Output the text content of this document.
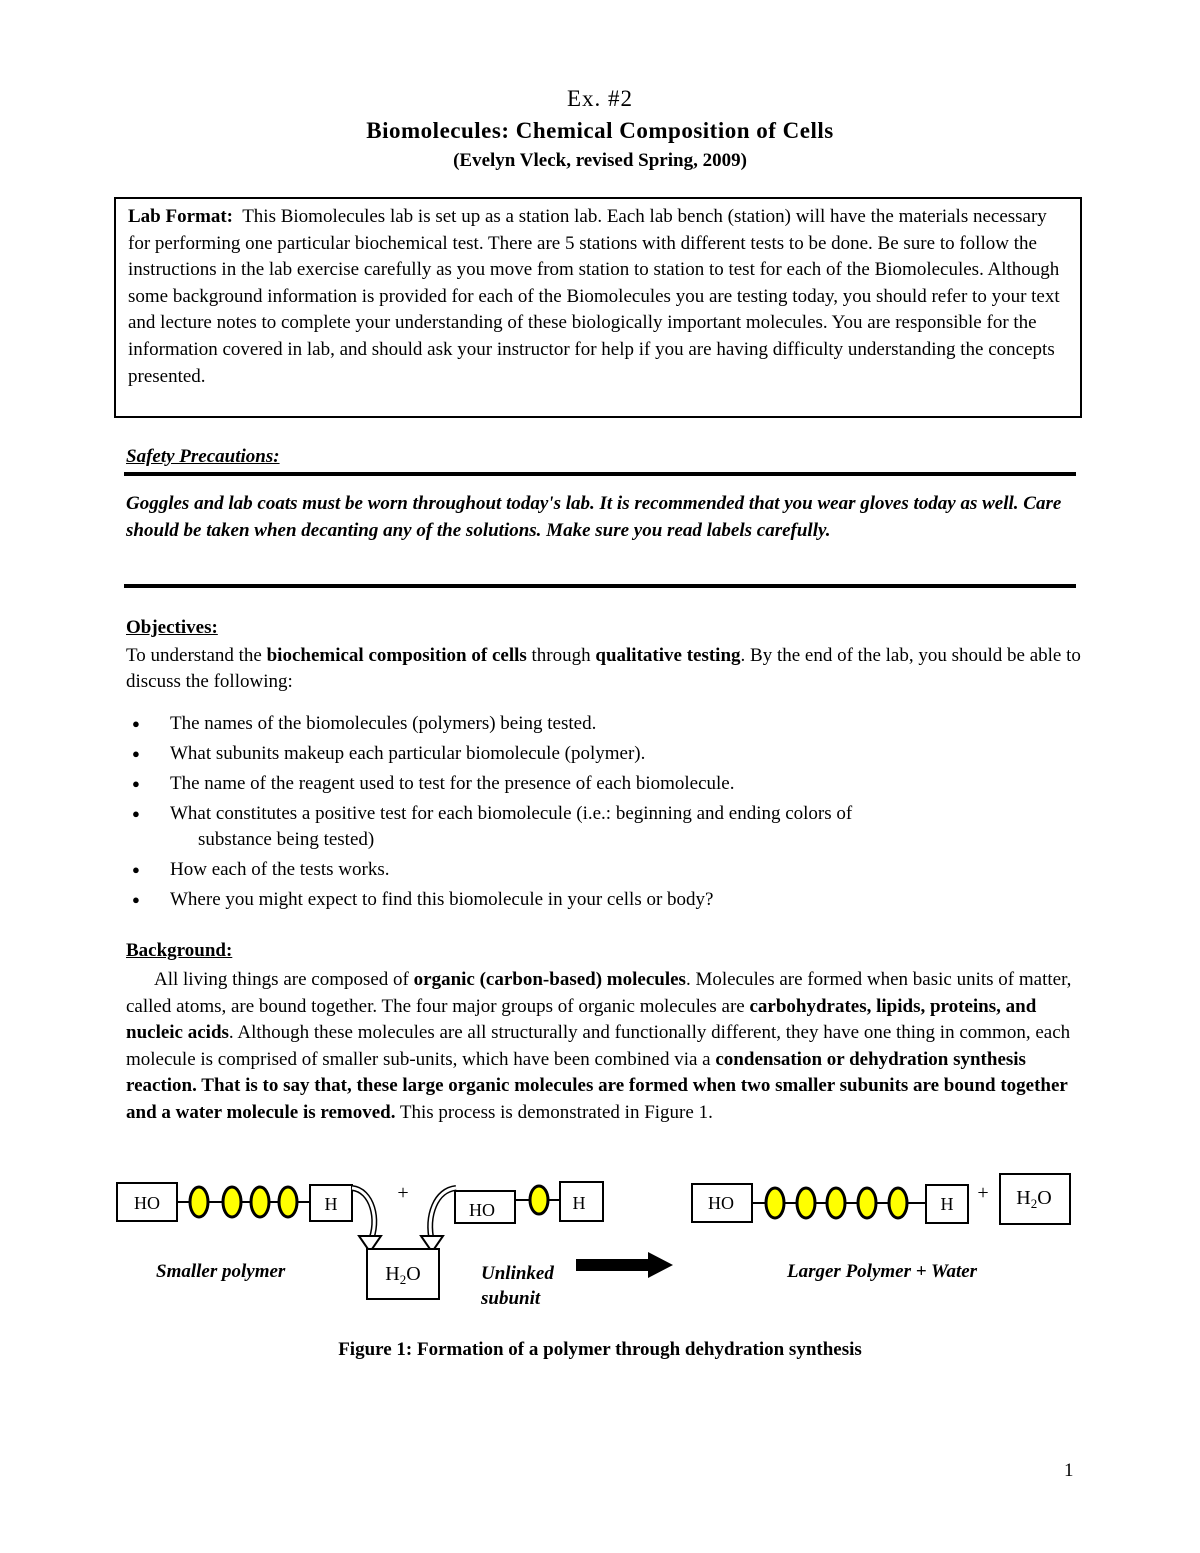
Ex. #2
Biomolecules: Chemical Composition of Cells
(Evelyn Vleck, revised Spring, 2009)
Lab Format: This Biomolecules lab is set up as a station lab. Each lab bench (station) will have the materials necessary for performing one particular biochemical test. There are 5 stations with different tests to be done. Be sure to follow the instructions in the lab exercise carefully as you move from station to station to test for each of the Biomolecules. Although some background information is provided for each of the Biomolecules you are testing today, you should refer to your text and lecture notes to complete your understanding of these biologically important molecules. You are responsible for the information covered in lab, and should ask your instructor for help if you are having difficulty understanding the concepts presented.
Safety Precautions:
Goggles and lab coats must be worn throughout today's lab. It is recommended that you wear gloves today as well. Care should be taken when decanting any of the solutions. Make sure you read labels carefully.
Objectives:
To understand the biochemical composition of cells through qualitative testing. By the end of the lab, you should be able to discuss the following:
● The names of the biomolecules (polymers) being tested.
● What subunits makeup each particular biomolecule (polymer).
● The name of the reagent used to test for the presence of each biomolecule.
● What constitutes a positive test for each biomolecule (i.e.: beginning and ending colors of
substance being tested)
● How each of the tests works.
● Where you might expect to find this biomolecule in your cells or body?
Background:
All living things are composed of organic (carbon-based) molecules. Molecules are formed when basic units of matter, called atoms, are bound together. The four major groups of organic molecules are carbohydrates, lipids, proteins, and nucleic acids. Although these molecules are all structurally and functionally different, they have one thing in common, each molecule is comprised of smaller sub-units, which have been combined via a condensation or dehydration synthesis reaction. That is to say that, these large organic molecules are formed when two smaller subunits are bound together and a water molecule is removed. This process is demonstrated in Figure 1.
HO	H	+
HO	H
$H_2O$
HO	$H + H_2O$
Smaller polymer	Unlinked subunit
Larger Polymer + Water
Figure 1: Formation of a polymer through dehydration synthesis
1
